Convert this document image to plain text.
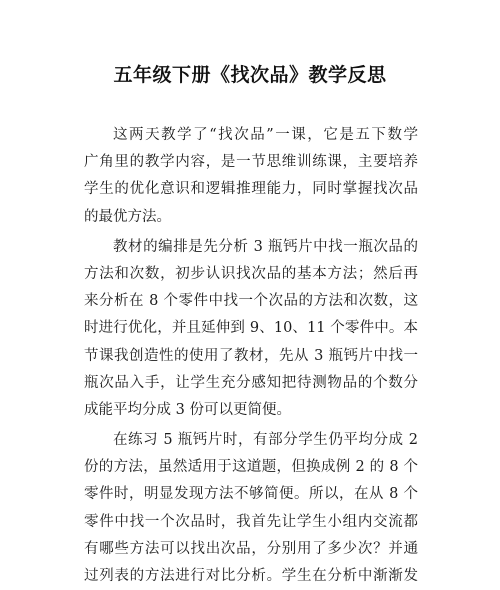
五年级下册《找次品》教学反思
这两天教学了“找次品”一课，它是五下数学
广角里的教学内容，是一节思维训练课，主要培养
学生的优化意识和逻辑推理能力，同时掌握找次品
的最优方法。
教材的编排是先分析 3 瓶钙片中找一瓶次品的
方法和次数，初步认识找次品的基本方法；然后再
来分析在 8 个零件中找一个次品的方法和次数，这
时进行优化，并且延伸到 9、10、11 个零件中。本
节课我创造性的使用了教材，先从 3 瓶钙片中找一
瓶次品入手，让学生充分感知把待测物品的个数分
成能平均分成 3 份可以更简便。
在练习 5 瓶钙片时，有部分学生仍平均分成 2
份的方法，虽然适用于这道题，但换成例 2 的 8 个
零件时，明显发现方法不够简便。所以，在从 8 个
零件中找一个次品时，我首先让学生小组内交流都
有哪些方法可以找出次品，分别用了多少次？并通
过列表的方法进行对比分析。学生在分析中渐渐发
